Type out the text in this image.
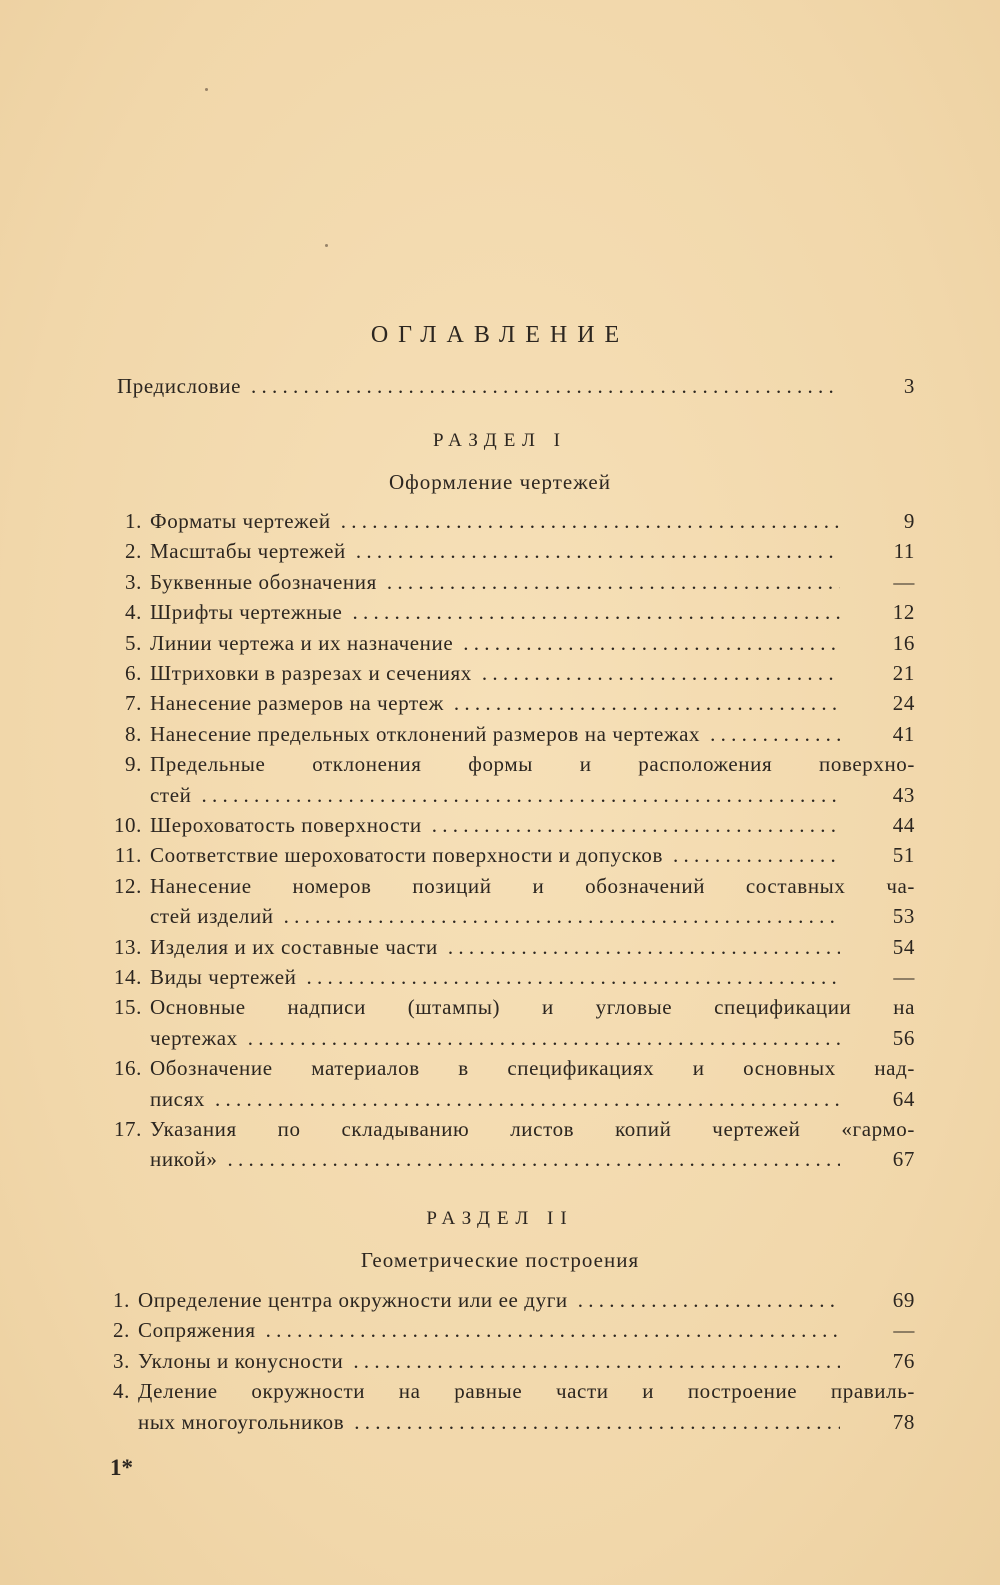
ОГЛАВЛЕНИЕ
Предисловие . . .	3
РАЗДЕЛ I
Оформление чертежей
1. Форматы чертежей . . .	9
2. Масштабы чертежей . . .	11
3. Буквенные обозначения . . .	—
4. Шрифты чертежные . . .	12
5. Линии чертежа и их назначение . . .	16
6. Штриховки в разрезах и сечениях . . .	21
7. Нанесение размеров на чертеж . . .	24
8. Нанесение предельных отклонений размеров на чертежах . . .	41
9. Предельные отклонения формы и расположения поверхно-
стей . . .	43
10. Шероховатость поверхности . . .	44
11. Соответствие шероховатости поверхности и допусков . . .	51
12. Нанесение номеров позиций и обозначений составных ча-
стей изделий . . .	53
13. Изделия и их составные части . . .	54
14. Виды чертежей . . .	—
15. Основные надписи (штампы) и угловые спецификации на
чертежах . . .	56
16. Обозначение материалов в спецификациях и основных над-
писях . . .	64
17. Указания по складыванию листов копий чертежей «гармо-
никой» . . .	67
РАЗДЕЛ II
Геометрические построения
1. Определение центра окружности или ее дуги . . .	69
2. Сопряжения . . .	—
3. Уклоны и конусности . . .	76
4. Деление окружности на равные части и построение правиль-
ных многоугольников . . .	78
1*
